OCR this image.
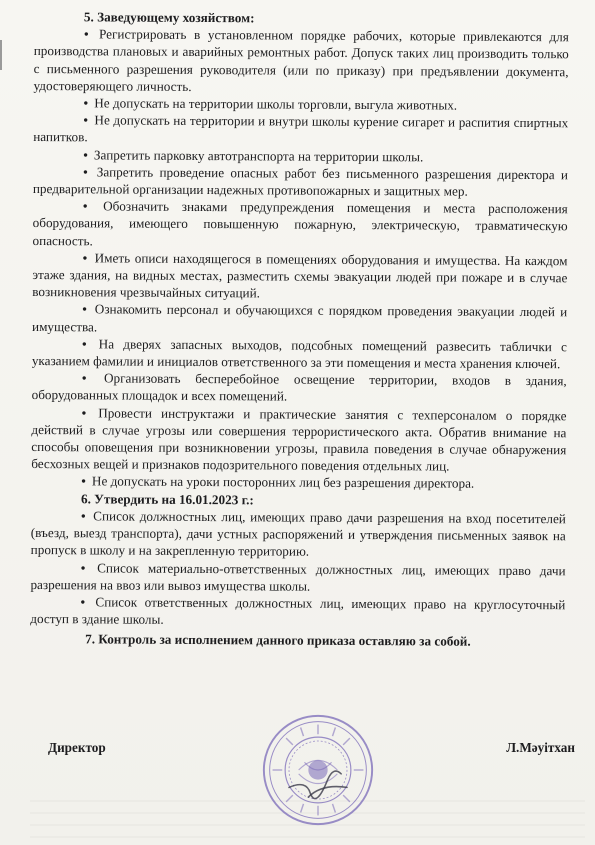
5. Заведующему хозяйством:

● Регистрировать в установленном порядке рабочих, которые привлекаются для производства плановых и аварийных ремонтных работ. Допуск таких лиц производить только с письменного разрешения руководителя (или по приказу) при предъявлении документа, удостоверяющего личность.

● Не допускать на территории школы торговли, выгула животных.

● Не допускать на территории и внутри школы курение сигарет и распития спиртных напитков.

● Запретить парковку автотранспорта на территории школы.

● Запретить проведение опасных работ без письменного разрешения директора и предварительной организации надежных противопожарных и защитных мер.

● Обозначить знаками предупреждения помещения и места расположения оборудования, имеющего повышенную пожарную, электрическую, травматическую опасность.

● Иметь описи находящегося в помещениях оборудования и имущества. На каждом этаже здания, на видных местах, разместить схемы эвакуации людей при пожаре и в случае возникновения чрезвычайных ситуаций.

● Ознакомить персонал и обучающихся с порядком проведения эвакуации людей и имущества.

● На дверях запасных выходов, подсобных помещений развесить таблички с указанием фамилии и инициалов ответственного за эти помещения и места хранения ключей.

● Организовать бесперебойное освещение территории, входов в здания, оборудованных площадок и всех помещений.

● Провести инструктажи и практические занятия с техперсоналом о порядке действий в случае угрозы или совершения террористического акта. Обратив внимание на способы оповещения при возникновении угрозы, правила поведения в случае обнаружения бесхозных вещей и признаков подозрительного поведения отдельных лиц.

● Не допускать на уроки посторонних лиц без разрешения директора.

6. Утвердить на 16.01.2023 г.:

● Список должностных лиц, имеющих право дачи разрешения на вход посетителей (въезд, выезд транспорта), дачи устных распоряжений и утверждения письменных заявок на пропуск в школу и на закрепленную территорию.

● Список материально-ответственных должностных лиц, имеющих право дачи разрешения на ввоз или вывоз имущества школы.

● Список ответственных должностных лиц, имеющих право на круглосуточный доступ в здание школы.

7. Контроль за исполнением данного приказа оставляю за собой.

Директор	Л.Мәуітхан
